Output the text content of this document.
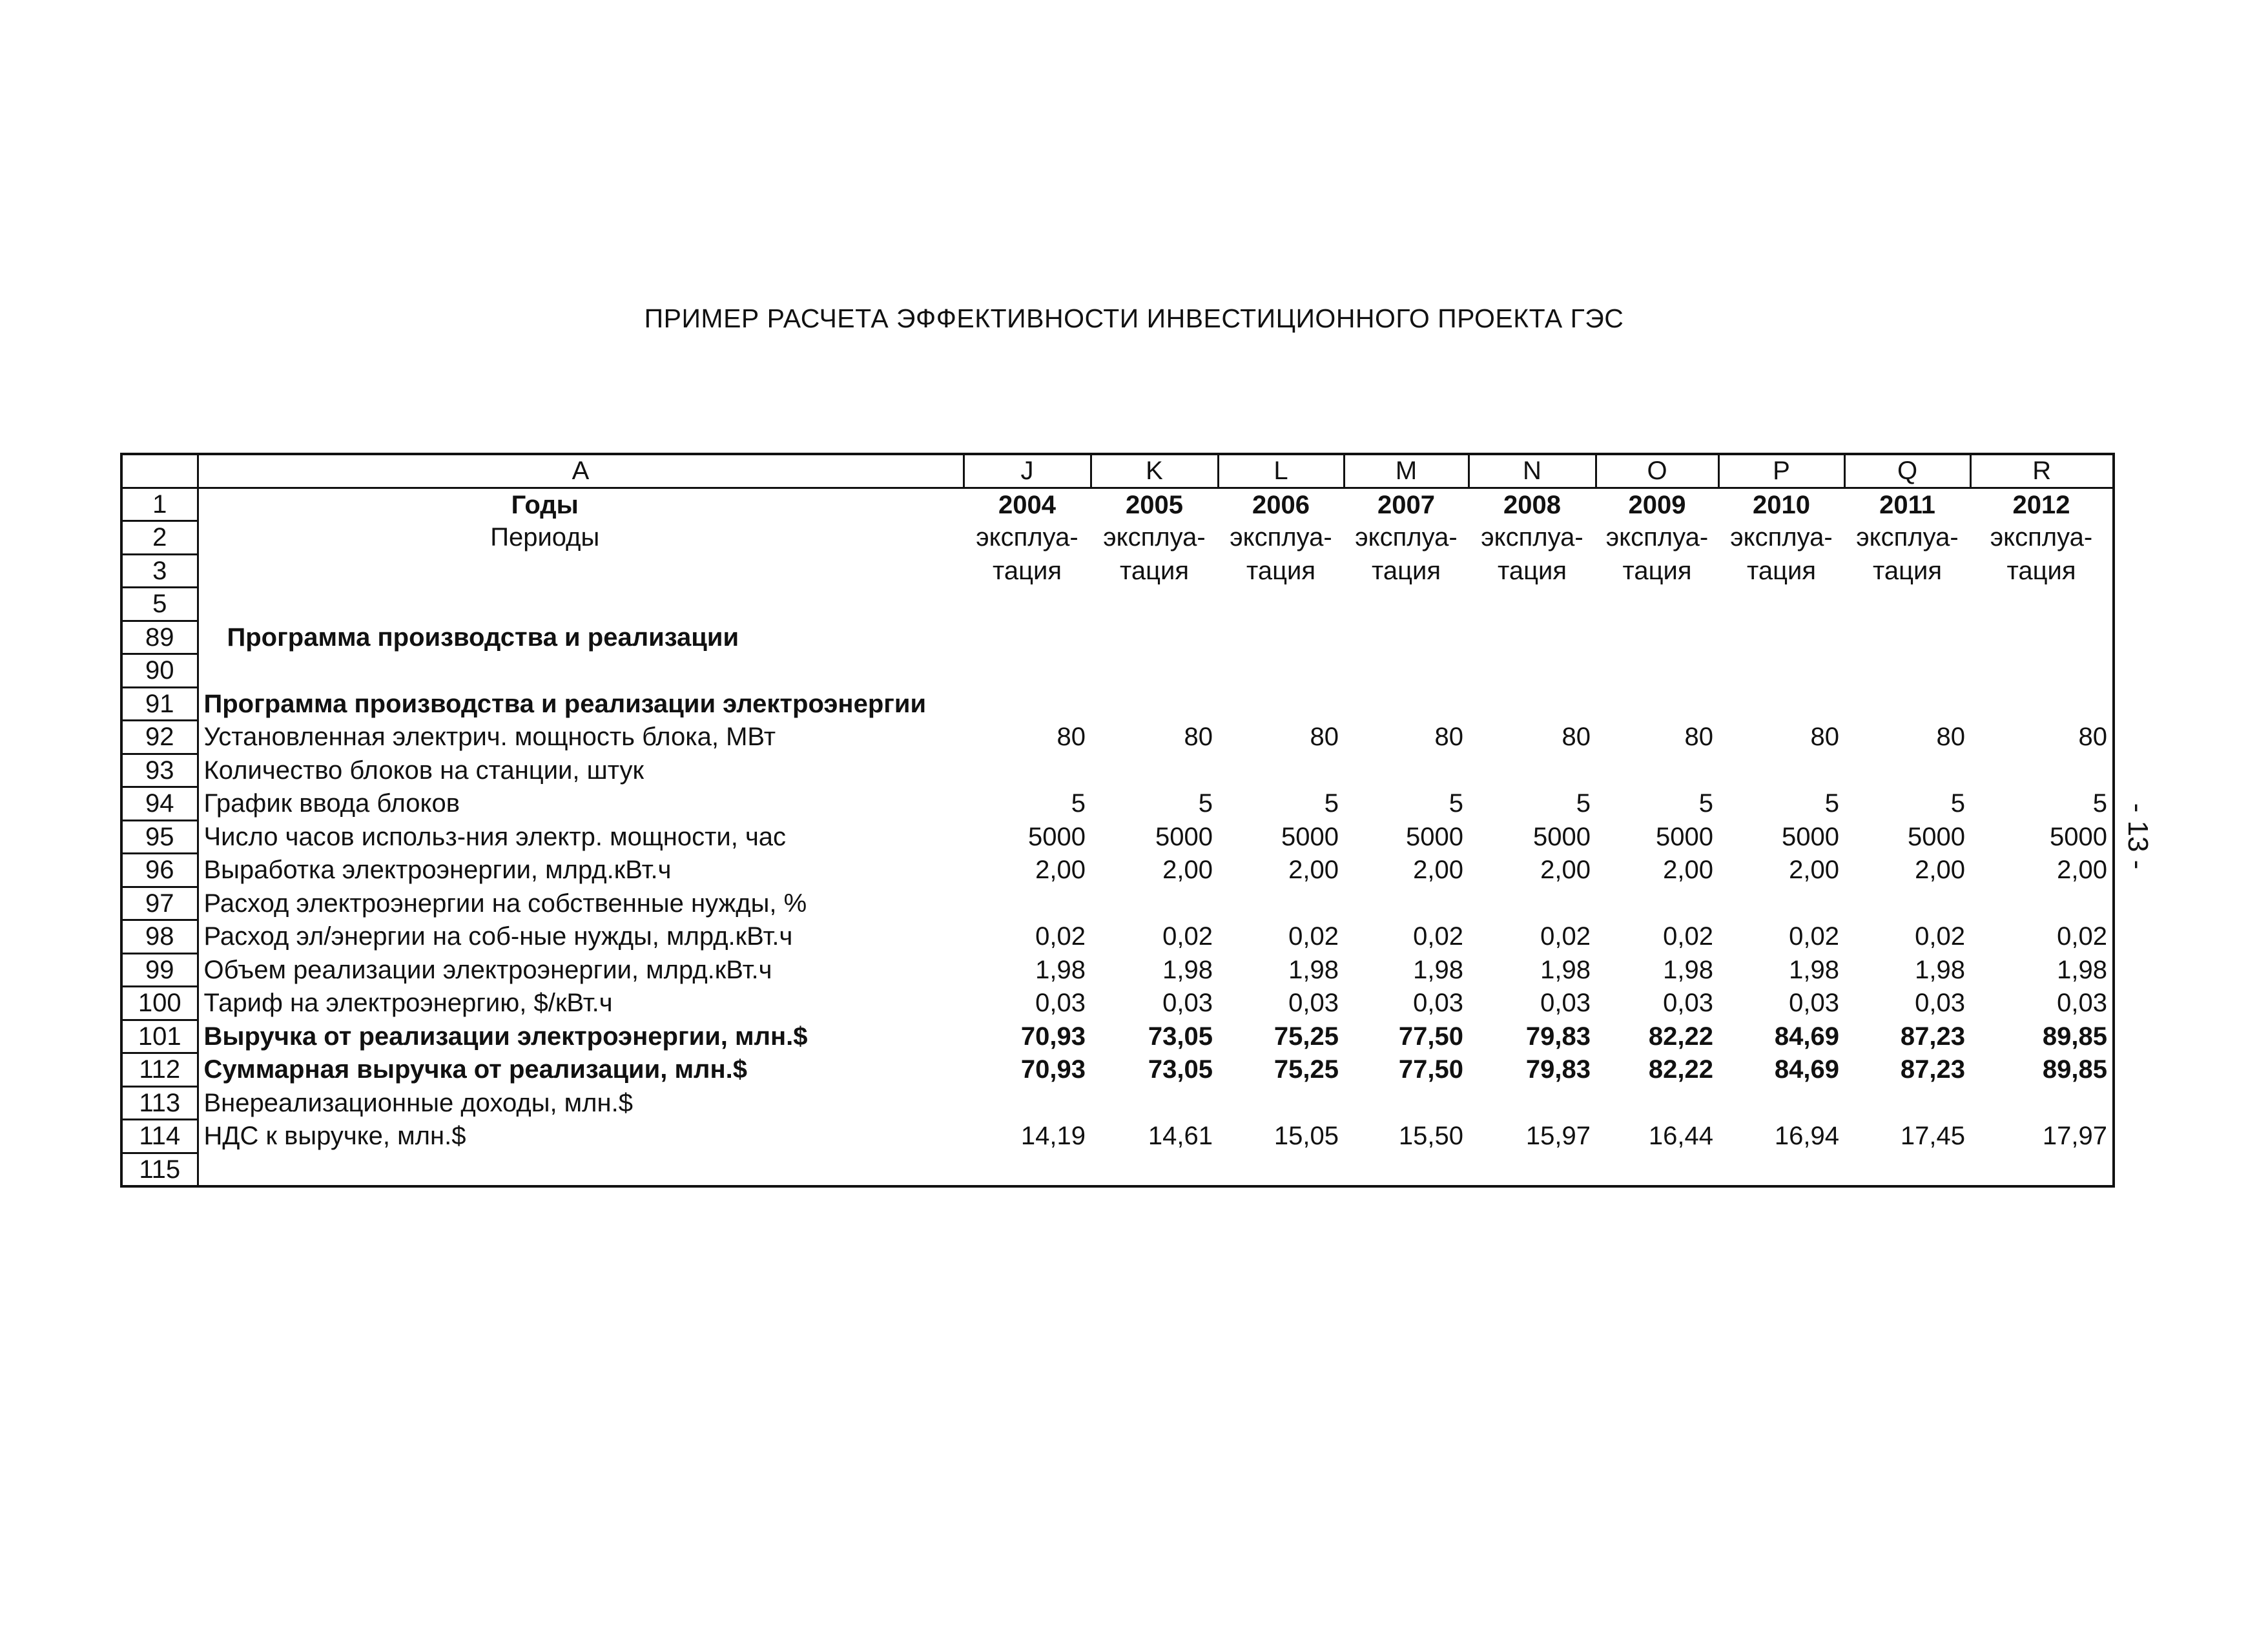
ПРИМЕР РАСЧЕТА ЭФФЕКТИВНОСТИ ИНВЕСТИЦИОННОГО ПРОЕКТА ГЭС
- 13 -
	A	J	K	L	M	N	O	P	Q	R
1	Годы	2004	2005	2006	2007	2008	2009	2010	2011	2012
2	Периоды	эксплуа-	эксплуа-	эксплуа-	эксплуа-	эксплуа-	эксплуа-	эксплуа-	эксплуа-	эксплуа-
3		тация	тация	тация	тация	тация	тация	тация	тация	тация
5										
89	Программа производства и реализации									
90										
91	Программа производства и реализации электроэнергии									
92	Установленная электрич. мощность блока, МВт	80	80	80	80	80	80	80	80	80
93	Количество блоков на станции, штук									
94	График ввода блоков	5	5	5	5	5	5	5	5	5
95	Число часов использ-ния электр. мощности, час	5000	5000	5000	5000	5000	5000	5000	5000	5000
96	Выработка электроэнергии, млрд.кВт.ч	2,00	2,00	2,00	2,00	2,00	2,00	2,00	2,00	2,00
97	Расход электроэнергии на собственные нужды, %									
98	Расход эл/энергии на соб-ные нужды, млрд.кВт.ч	0,02	0,02	0,02	0,02	0,02	0,02	0,02	0,02	0,02
99	Объем реализации электроэнергии, млрд.кВт.ч	1,98	1,98	1,98	1,98	1,98	1,98	1,98	1,98	1,98
100	Тариф на электроэнергию, $/кВт.ч	0,03	0,03	0,03	0,03	0,03	0,03	0,03	0,03	0,03
101	Выручка от реализации электроэнергии, млн.$	70,93	73,05	75,25	77,50	79,83	82,22	84,69	87,23	89,85
112	Суммарная выручка от реализации, млн.$	70,93	73,05	75,25	77,50	79,83	82,22	84,69	87,23	89,85
113	Внереализационные доходы, млн.$									
114	НДС к выручке, млн.$	14,19	14,61	15,05	15,50	15,97	16,44	16,94	17,45	17,97
115										
